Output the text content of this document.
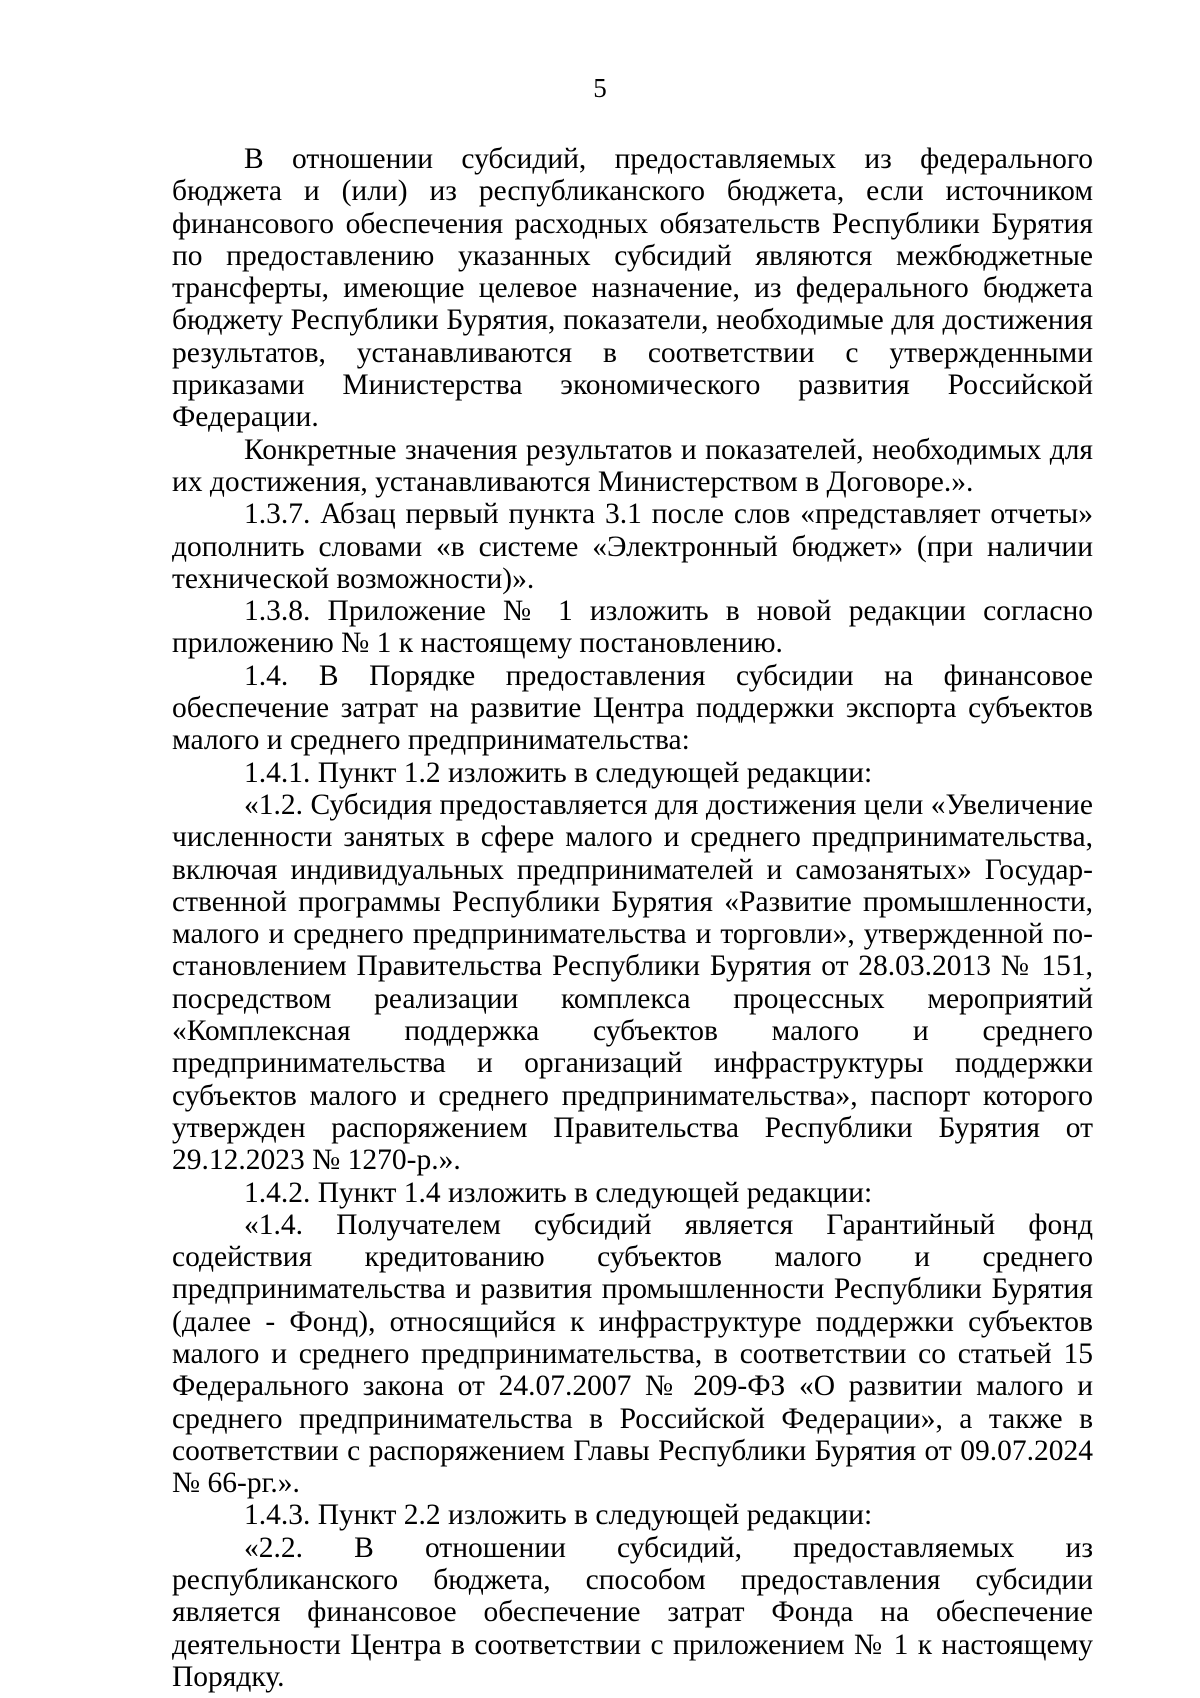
5

В отношении субсидий, предоставляемых из федерального бюджета и (или) из республиканского бюджета, если источником финансового обеспечения расходных обязательств Республики Бурятия по предоставлению указанных субсидий являются межбюджетные трансферты, имеющие целевое назначение, из федерального бюджета бюджету Республики Бурятия, показатели, необходимые для достижения результатов, устанавливаются в соответствии с утвержденными приказами Министерства экономического развития Российской Федерации.

Конкретные значения результатов и показателей, необходимых для их достижения, устанавливаются Министерством в Договоре.».

1.3.7. Абзац первый пункта 3.1 после слов «представляет отчеты» дополнить словами «в системе «Электронный бюджет» (при наличии технической возможности)».

1.3.8. Приложение № 1 изложить в новой редакции согласно приложению № 1 к настоящему постановлению.

1.4. В Порядке предоставления субсидии на финансовое обеспечение затрат на развитие Центра поддержки экспорта субъектов малого и среднего предпринимательства:

1.4.1. Пункт 1.2 изложить в следующей редакции:

«1.2. Субсидия предоставляется для достижения цели «Увеличение численности занятых в сфере малого и среднего предпринимательства, включая индивидуальных предпринимателей и самозанятых» Государственной программы Республики Бурятия «Развитие промышленности, малого и среднего предпринимательства и торговли», утвержденной постановлением Правительства Республики Бурятия от 28.03.2013 № 151, посредством реализации комплекса процессных мероприятий «Комплексная поддержка субъектов малого и среднего предпринимательства и организаций инфраструктуры поддержки субъектов малого и среднего предпринимательства», паспорт которого утвержден распоряжением Правительства Республики Бурятия от 29.12.2023 № 1270-р.».

1.4.2. Пункт 1.4 изложить в следующей редакции:

«1.4. Получателем субсидий является Гарантийный фонд содействия кредитованию субъектов малого и среднего предпринимательства и развития промышленности Республики Бурятия (далее - Фонд), относящийся к инфраструктуре поддержки субъектов малого и среднего предпринимательства, в соответствии со статьей 15 Федерального закона от 24.07.2007 № 209-ФЗ «О развитии малого и среднего предпринимательства в Российской Федерации», а также в соответствии с распоряжением Главы Республики Бурятия от 09.07.2024 № 66-рг.».

1.4.3. Пункт 2.2 изложить в следующей редакции:

«2.2. В отношении субсидий, предоставляемых из республиканского бюджета, способом предоставления субсидии является финансовое обеспечение затрат Фонда на обеспечение деятельности Центра в соответствии с приложением № 1 к настоящему Порядку.
